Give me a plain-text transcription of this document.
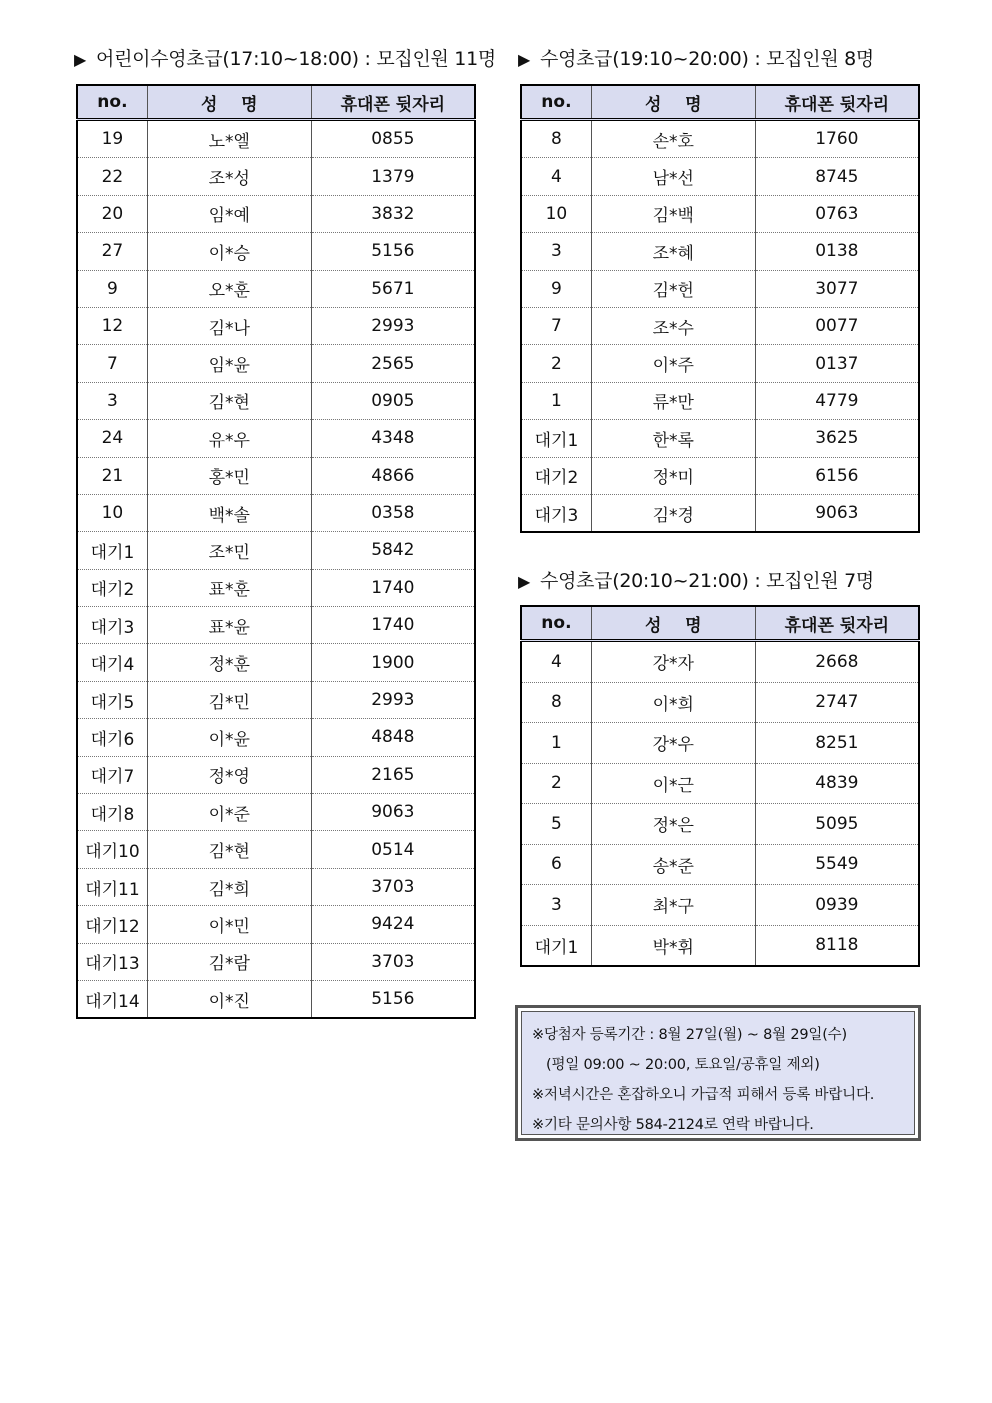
▶ 어린이수영초급(17:10~18:00) : 모집인원 11명
no.	성    명	휴대폰 뒷자리
19	노*엘	0855
22	조*성	1379
20	임*예	3832
27	이*승	5156
9	오*훈	5671
12	김*나	2993
7	임*윤	2565
3	김*현	0905
24	유*우	4348
21	홍*민	4866
10	백*솔	0358
대기1	조*민	5842
대기2	표*훈	1740
대기3	표*윤	1740
대기4	정*훈	1900
대기5	김*민	2993
대기6	이*윤	4848
대기7	정*영	2165
대기8	이*준	9063
대기10	김*현	0514
대기11	김*희	3703
대기12	이*민	9424
대기13	김*람	3703
대기14	이*진	5156
▶ 수영초급(19:10~20:00) : 모집인원 8명
no.	성    명	휴대폰 뒷자리
8	손*호	1760
4	남*선	8745
10	김*백	0763
3	조*혜	0138
9	김*헌	3077
7	조*수	0077
2	이*주	0137
1	류*만	4779
대기1	한*록	3625
대기2	정*미	6156
대기3	김*경	9063
▶ 수영초급(20:10~21:00) : 모집인원 7명
no.	성    명	휴대폰 뒷자리
4	강*자	2668
8	이*희	2747
1	강*우	8251
2	이*근	4839
5	정*은	5095
6	송*준	5549
3	최*구	0939
대기1	박*휘	8118
※당첨자 등록기간 : 8월 27일(월) ~ 8월 29일(수)
(평일 09:00 ~ 20:00, 토요일/공휴일 제외)
※저녁시간은 혼잡하오니 가급적 피해서 등록 바랍니다.
※기타 문의사항 584-2124로 연락 바랍니다.
